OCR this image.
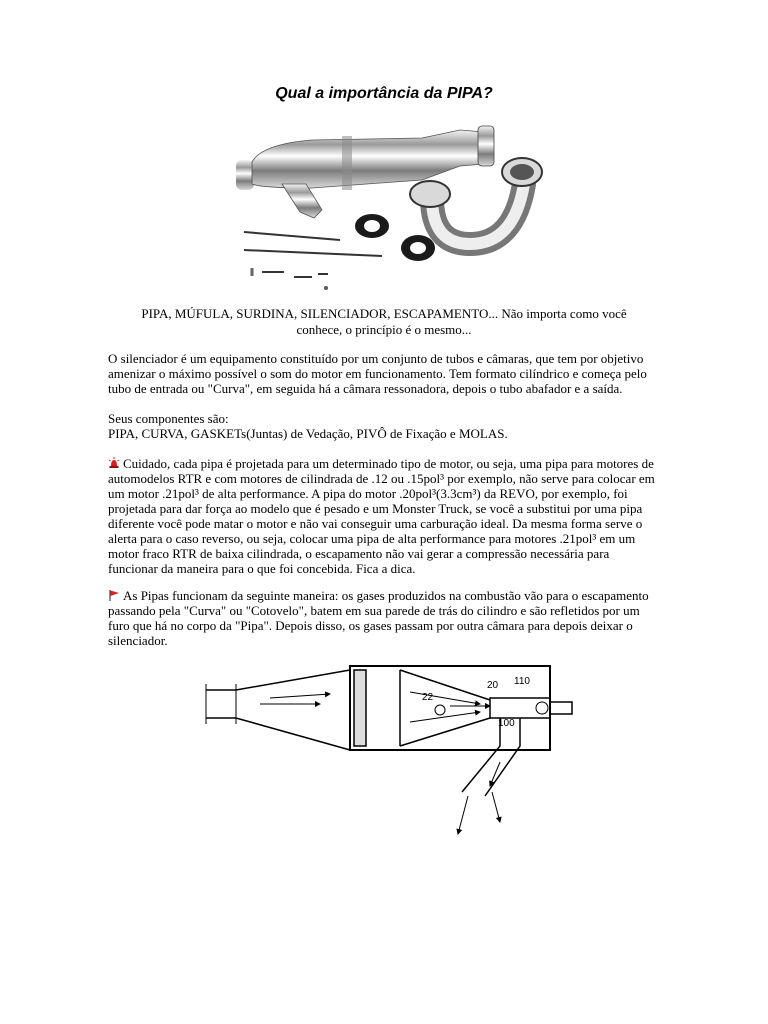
Qual a importância da PIPA?
PIPA, MÚFULA, SURDINA, SILENCIADOR, ESCAPAMENTO... Não importa como você conhece, o princípio é o mesmo...
O silenciador é um equipamento constituído por um conjunto de tubos e câmaras, que tem por objetivo amenizar o máximo possível o som do motor em funcionamento. Tem formato cilíndrico e começa pelo tubo de entrada ou "Curva", em seguida há a câmara ressonadora, depois o tubo abafador e a saída.
Seus componentes são:
PIPA, CURVA, GASKETs(Juntas) de Vedação, PIVÔ de Fixação e MOLAS.
Cuidado, cada pipa é projetada para um determinado tipo de motor, ou seja, uma pipa para motores de automodelos RTR e com motores de cilindrada de .12 ou .15pol³ por exemplo, não serve para colocar em um motor .21pol³ de alta performance. A pipa do motor .20pol³(3.3cm³) da REVO, por exemplo, foi projetada para dar força ao modelo que é pesado e um Monster Truck, se você a substitui por uma pipa diferente você pode matar o motor e não vai conseguir uma carburação ideal. Da mesma forma serve o alerta para o caso reverso, ou seja, colocar uma pipa de alta performance para motores .21pol³ em um motor fraco RTR de baixa cilindrada, o escapamento não vai gerar a compressão necessária para funcionar da maneira para o que foi concebida. Fica a dica.
As Pipas funcionam da seguinte maneira: os gases produzidos na combustão vão para o escapamento passando pela "Curva" ou "Cotovelo", batem em sua parede de trás do cilindro e são refletidos por um furo que há no corpo da "Pipa". Depois disso, os gases passam por outra câmara para depois deixar o silenciador.
22
20 110
100
